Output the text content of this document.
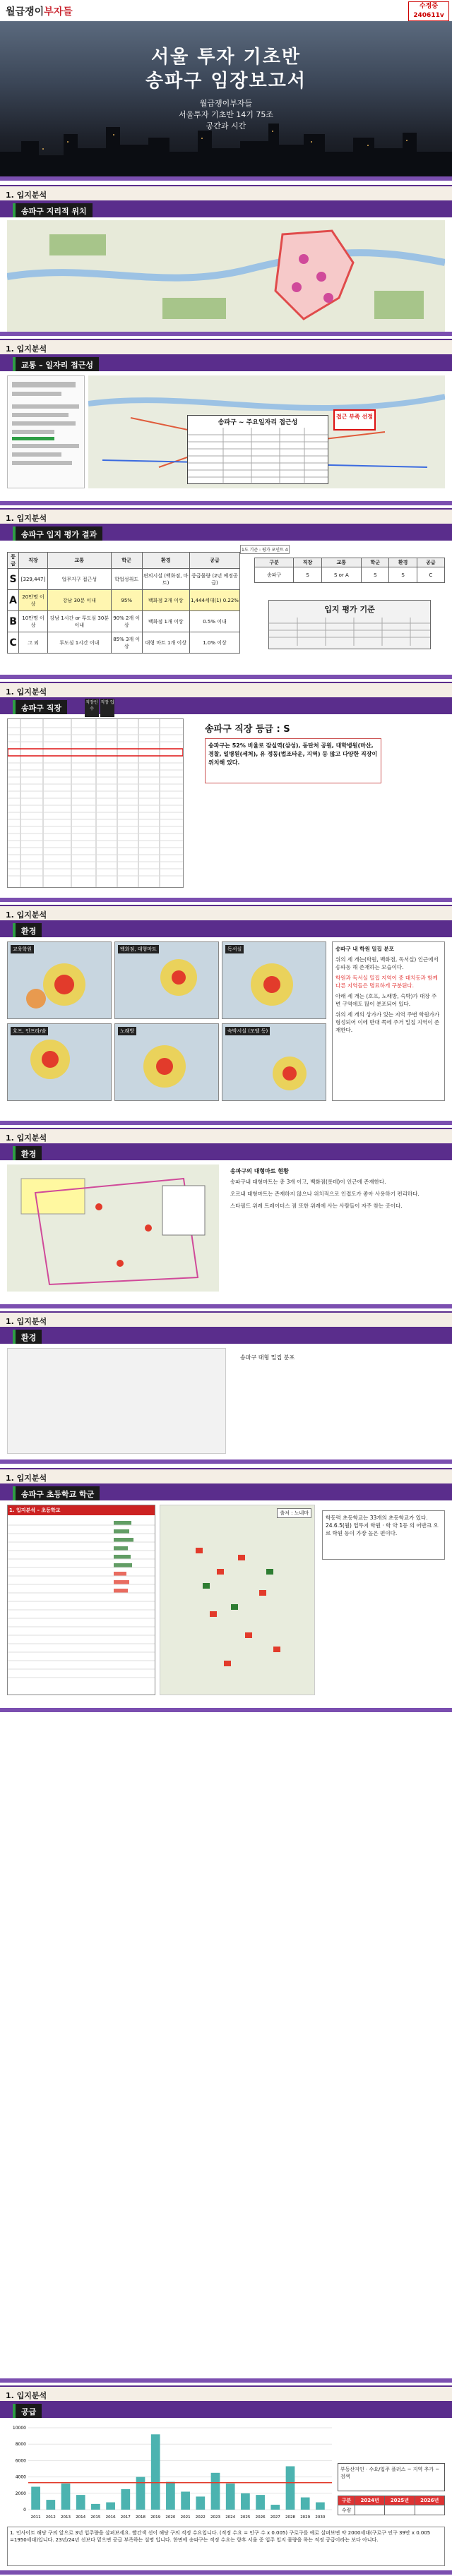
월급쟁이부자들	수정중
240611v
서울 투자 기초반
송파구 임장보고서
월급쟁이부자들
서울투자 기초반 14기 75조
공간과 시간
1. 입지분석
송파구 지리적 위치
1. 입지분석
교통 – 일자리 접근성
송파구 ~ 주요일자리 접근성
접근 부족 선정
1. 입지분석
송파구 입지 평가 결과
1도 기준 : 평가 포인트 4
등급	직장	교통	학군	환경	공급
S	[329,447]	업무지구 접근성	학업성취도	편의시설 (백화점, 마트)	중급물량 (2년 예정공급)
A	20만명 이상	강남 30분 이내	95%	백화점 2개 이상	1,444세대(1) 0.22%
B	10만명 이상	강남 1시간 or 투도심 30분 이내	90% 2개 이상	백화점 1개 이상	0.5% 이내
C	그 외	투도심 1시간 이내	85% 3개 이상	대형 마트 1개 이상	1.0% 이상
구분	직장	교통	학군	환경	공급
송파구	S	S or A	S	S	C
입지 평가 기준
1. 입지분석
송파구 직장
직장인 수
직장 업
송파구 직장 등급 : S
송파구는 52% 비율로 잠실역(삼성), 동탄처 공원, 대학병원(마산, 경찰, 일병원(세처), 유 정동(법조타운, 지역) 등 많고 다양한 직장이 위치해 있다.
1. 입지분석
환경
교육학원	백화점, 대형마트	독서실
호프, 인프라/술	노래방	숙박시설 (모텔 등)
송파구 내 학원 밀집 분포
위의 세 개는(학원, 백화점, 독서실) 인근에서 송파동 해 존재하는 모습이다.
학원과 독서실 밀집 지역이 중 대치동과 함께 다른 지역들은 명료하게 구분된다.
아래 세 개는 (호프, 노래방, 숙박)가 대장 주변 구역에도 많이 분포되어 있다.
위의 세 개의 상가가 있는 지역 주변 학원가가 형성되어 이에 반대 쪽에 주거 밀집 지역이 존재한다.
1. 입지분석
환경
송파구의 대형마트 현황
송파구내 대형마트는 총 3개 이고, 백화점(롯데)이 인근에 존재한다.
오르내 대형마트는 존재하지 않으나 위치적으로 인접도가 좋아 사용하기 편리하다.
스타필드 위례 트레이더스 점 또한 위례에 사는 사람들이 자주 찾는 곳이다.
1. 입지분석
환경
송파구 대형 밀집 분포
1. 입지분석
송파구 초등학교 학군
1. 입지분석 – 초등학교	출처 : 노네마
학동력 초등학교는 33개의 초등학교가 있다. 24.6.5(월) 업무지 학원 · 학 약 1등 의 어반크 오르 학원 등이 가장 높은 편이다.
1. 입지분석
공급
0
2000
4000
6000
8000
10000
2011 2012 2013 2014 2015 2016 2017 2018 2019 2020 2021 2022 2023 2024 2025 2026 2027 2028 2029 2030
부동산지인 · 수요/입주 플러스 ~ 지역 추가 ~ 검색
구분	2024년	2025년	2026년
수량			
1. 인사이트 해당 구의 앞으로 3년 입주량을 살펴보세요. 빨간색 선이 해당 구의 적정 수요입니다. (적정 수요 = 인구 수 x 0.005) 구로구를 예로 살펴보면 약 2000세대(구로구 인구 39만 x 0.005 =1950세대)입니다. 23년/24년 선보다 밑으면 공급 부족하는 설명 입니다. 한면에 송파구는 적정 수요는 향후 서울 중 입주 입지 물량을 하는 적정 공급이라는 보다 아니다.
